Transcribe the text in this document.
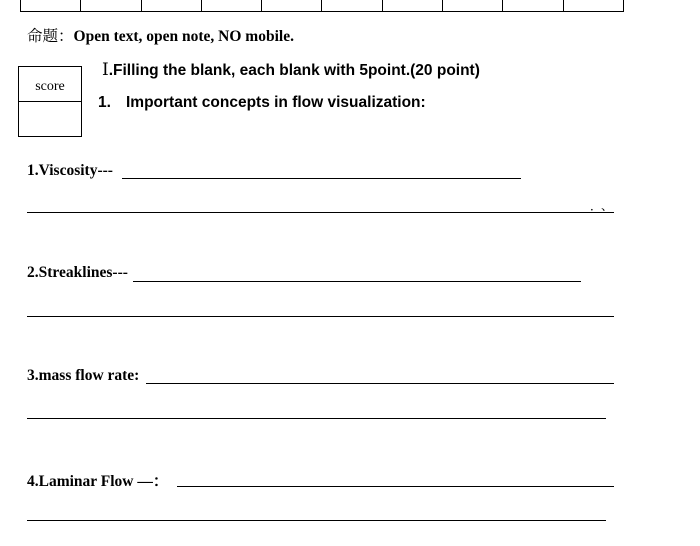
命题：Open text, open note, NO mobile.
score
Ⅰ.Filling the blank, each blank with 5point.(20 point)
1. Important concepts in flow visualization:
1.Viscosity---
．、
2.Streaklines---
3.mass flow rate:
4.Laminar Flow —：
